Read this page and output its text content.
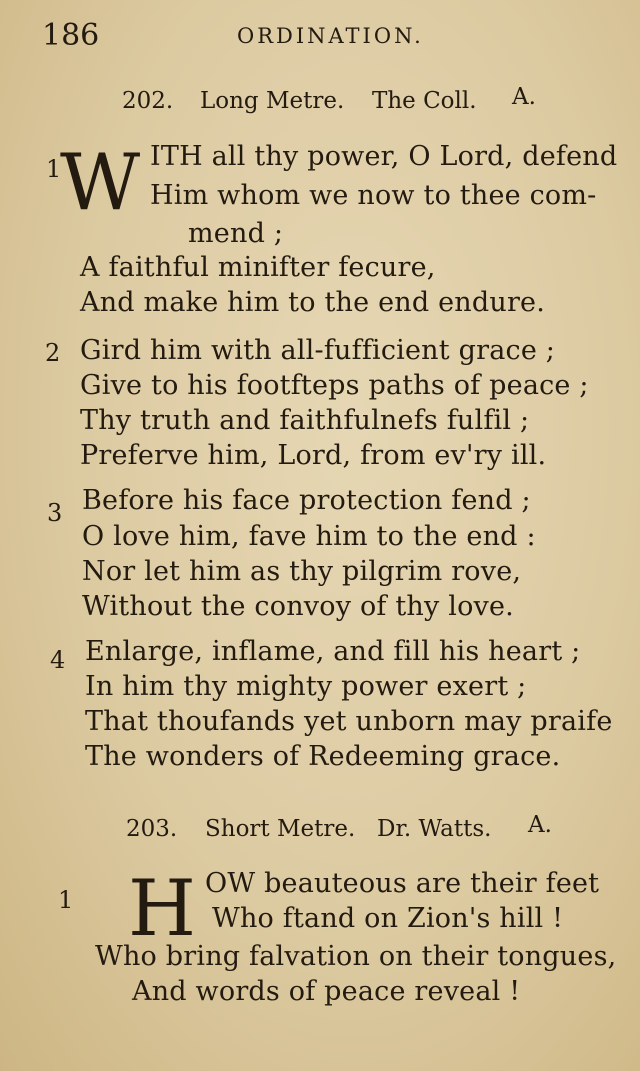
186	ORDINATION.
202. Long Metre. The Coll. A.
1
W ITH all thy power, O Lord, defend
Him whom we now to thee com-
mend ;
A faithful minifter fecure,
And make him to the end endure.
2 Gird him with all-fufficient grace ;
Give to his footfteps paths of peace ;
Thy truth and faithfulnefs fulfil ;
Preferve him, Lord, from ev'ry ill.
3 Before his face protection fend ;
O love him, fave him to the end :
Nor let him as thy pilgrim rove,
Without the convoy of thy love.
4 Enlarge, inflame, and fill his heart ;
In him thy mighty power exert ;
That thoufands yet unborn may praife
The wonders of Redeeming grace.
203. Short Metre. Dr. Watts. A.
1 H OW beauteous are their feet
Who ftand on Zion's hill !
Who bring falvation on their tongues,
And words of peace reveal !
